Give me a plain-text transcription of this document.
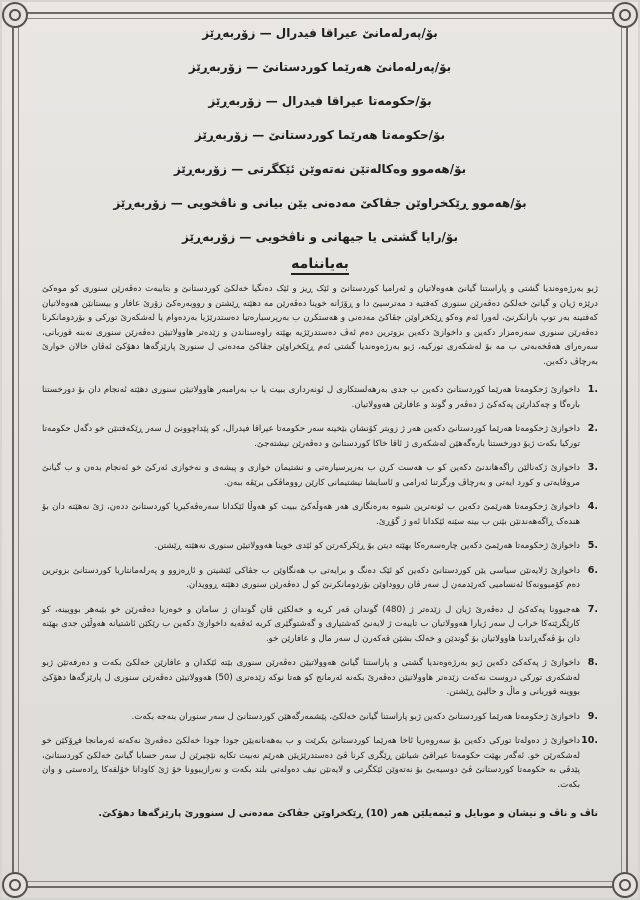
بۆ/پەرلەمانێ عیراقا فیدرال — زۆربەڕێز
بۆ/پەرلەمانێ هەرێما کوردستانێ — زۆربەڕێز
بۆ/حکومەتا عیراقا فیدرال — زۆربەڕێز
بۆ/حکومەتا هەرێما کوردستانێ — زۆربەڕێز
بۆ/هەموو وەکالەتێن نەتەوێن ئێکگرتی — زۆربەڕێز
بۆ/هەموو ڕێکخراوێن جڤاکێ مەدەنی یێن بیانی و ناڤخویی — زۆربەڕێز
بۆ/رایا گشتی یا جیهانی و ناڤخویی — زۆربەڕێز
بەیاننامە

ژبو بەرژەوەندیا گشتی و پاراستنا گیانێ هەوەلاتیان و ئەرامیا کوردستانێ و ئێک ڕیز و ئێک دەنگیا خەلکێ کوردستانێ و بتایبەت دەڤەرێن سنوری کو موەکێ درێژە ژیان و گیانێ خەلکێ دەڤەرێن سنوری کەفتیە د مەترسیێ دا و ڕۆژانە خوینا دەڤەرێن مە دهێتە ڕێشتن و رووبەرەکێ زۆرێ عافار و بیستانێن هەوەلاتیان کەفتینە بەر توپ بارانکرنێ، لەورا ئەم وەکو ڕێکخراوێن جڤاکێ مەدەنی و هەستکرن ب بەرپرسیارەتیا دەستدرێژیا بەردەوام یا لەشکەرێ تورکی و بۆردومانکرنا دەڤەرێن سنوری سەرەمزار دکەین و داخوازێ دکەین بزوترین دەم ئەڤ دەستدرێژیە بهێتە راوەستاندن و زێدەتر هاوولاتیێن دەڤەرێن سنوری نەبنە قوربانی، سەرەرای هەڤخەبەتی ب مە بۆ لەشکەری تورکیە، ژبو بەرژەوەندیا گشتی ئەم ڕێکخراوێن جڤاکێ مەدەنی ل سنورێ پارێزگەها دهۆکێ ئەڤان خالان خوارێ بەرچاڤ دکەین.

1.
داخوازێ ژحکومەتا هەرێما کوردستانێ دکەین ب جدی بەرهەلستکاری ل ئونەرداری ببیت یا ب بەرامبەر هاوولاتیێن سنوری دهێتە ئەنجام دان بۆ دورخستنا بارەگا و چەکدارێن پەکەکێ ژ دەڤەر و گوند و عافارێن هەوولاتیان.
2.
داخوازێ ژحکومەتا هەرێما کوردستانێ دکەین هەر ژ زوبتر کۆنشان بێخینە سەر حکومەتا عیراقا فیدرال، کو پێداچوونێ ل سەر ڕێکەفتنێن خو دگەل حکومەتا تورکیا بکەت ژبۆ دورخستنا بارەگەهێن لەشکەری ژ ئاقا خاکا کوردستانێ و دەڤەرێن نیشتەجێ.
3.
داخوازێ ژکەنالێن راگەهاندنێ دکەین کو ب هەست کرن ب بەرپرسیارەتی و نشتیمان خوازی و پیشەی و نەخوازی ئەرکێ خو ئەنجام بدەن و ب گیانێ مروڤایەتی و کورد ایەتی و بەرچاڤ ورگرتنا ئەرامی و ئاسایشا نیشتیمانی کارێن رووماڤکی برێڤە ببەن.
4.
داخوازێ ژحکومەتا هەرێمێ دکەین ب ئونەترین شیوە بەرەنگاری هەر هەوڵەکێ ببیت کو هەوڵا ئێکدانا سەرەڤەکیریا کوردستانێ ددەن، ژێ نەهێتە دان بۆ هندەک ڕاگەهەندنێن بێنن ب بینە سێنە ئێکدانا ئەو ژ گۆڕێ.
5.
داخوازێ ژحکومەتا هەرێمێ دکەین چارەسەرەکا بهێتە دیتن بۆ ڕێکرکەرتن کو ئێدی خوینا هەوولاتیێن سنوری نەهێتە ڕێشتن.
6.
داخوازێ ژلایەنێن سیاسی یێن کوردستانێ دکەین کو ئێک دەنگ و برایەتی ب هەنگاوێن ب جڤاکی ئێشیتن و ئاڕەزوو و پەرلەمانتاریا کوردستانێ بزوترین دەم کۆمبوونەکا ئەنسامیی کەرێدمەن ل سەر ڤان رووداوێن بۆردومانکرنێ کو ل دەڤەرێن سنوری دهێتە ڕوویدان.
7.
هەجبوونا پەکەکێ ل دەڤەرێ ژیان ل زێدەتر ژ (480) گوندان قەر کریە و خەلکێن ڤان گوندان ژ سامان و خوەزیا دەڤەرێن خو بێبەهر بوویینە، کو کارێگرێتەکا خراب ل سەر ژیارا هەوولاتیان ب تایبەت ژ لایەنێ کەشتیاری و گەشتوگێری کریە ئەڤەیە داخوازێ دکەین ب رێکێن ئاشتیانە هەوڵێن جدی بهێنە دان بۆ ڤەگەڕاندنا هاوولاتیان بۆ گوندێن و خەلک بشێن قەکەرن ل سەر مال و عافارێن خو.
8.
داخوازێ ژ پەکەکێ دکەین ژبو بەرژەوەندیا گشتی و پاراستنا گیانێ هەوولاتیێن دەڤەرێن سنوری بێتە ئێکدان و عافارێن خەلکێ بکەت و دەرفەتێن ژبو لەشکەری تورکی دروست نەکەت زێدەتر هاوولاتیێن دەڤەرێ بکەنە ئەرمانج کو هەتا نوکە زێدەتری (50) هەوولاتیێن دەڤەرێن سنوری ل پارێزگەها دهۆکێ بووینە قوربانی و ماڵ و حالیێ ڕێشتن.
9.
داخوازێ ژحکومەتا هەرێما کوردستانێ دکەین ژبو پاراستنا گیانێ خەلکێ، پێشمەرگەهێن کوردستانێ ل سەر سنوران بنەجە بکەت.
10.
داخوازێ ژ دەولەتا تورکی دکەین بۆ سەروەریا ئاخا هەرێما کوردستانێ بکرێت و ب بەهەنانەیێن جودا جودا خەلکێ دەڤەرێ نەکەتە ئەرمانجا فڕۆکێن خو لەشکەرێن خو. ئەگەر بهێت حکومەتا عیراقێ شیانێن ڕێگری کرنا ڤێ دەستدرێژیێن هەرێم نەبیت تکایە نێچیرێن ل سەر حسابا گیانێ خەلکێ کوردستانێ، پێدڤی بە حکومەتا کوردستانێ ڤێ دوسیەیێ بۆ نەتەوێن ئێکگرتی و لایەنێن نیف دەولەتی بلند بکەت و نەرازیبوونا خۆ ژێ کاودانا خۆلقەکا ڕادەستی و وان بکەت.
ناڤ و ناڤ و نیشان و موبایل و ئیمەیلێن هەر (10) ڕێکخراوێن جڤاکێ مەدەنی ل سنوورێ پارێزگەها دهۆکێ.
